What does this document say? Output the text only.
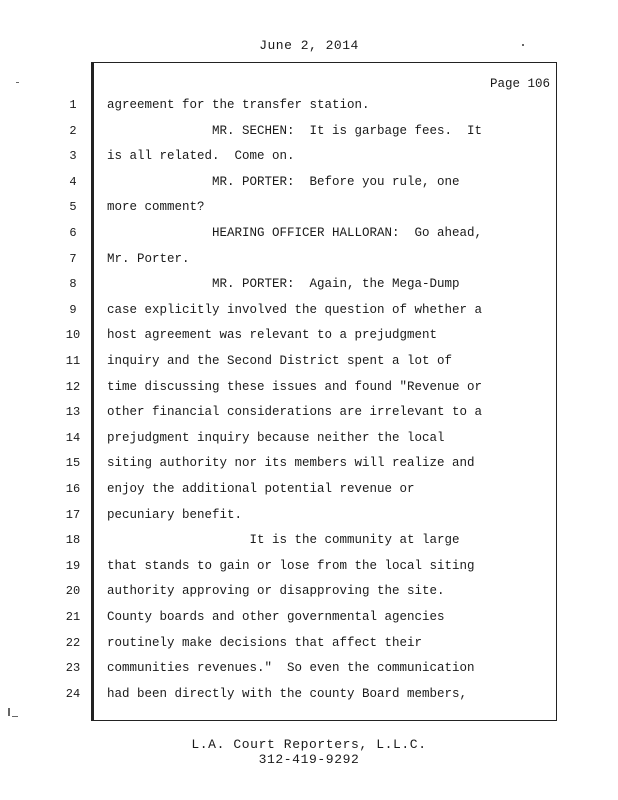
June 2, 2014
Page 106
1	agreement for the transfer station.
2	MR. SECHEN:  It is garbage fees.  It
3	is all related.  Come on.
4	MR. PORTER:  Before you rule, one
5	more comment?
6	HEARING OFFICER HALLORAN:  Go ahead,
7	Mr. Porter.
8	MR. PORTER:  Again, the Mega-Dump
9	case explicitly involved the question of whether a
10	host agreement was relevant to a prejudgment
11	inquiry and the Second District spent a lot of
12	time discussing these issues and found "Revenue or
13	other financial considerations are irrelevant to a
14	prejudgment inquiry because neither the local
15	siting authority nor its members will realize and
16	enjoy the additional potential revenue or
17	pecuniary benefit.
18	It is the community at large
19	that stands to gain or lose from the local siting
20	authority approving or disapproving the site.
21	County boards and other governmental agencies
22	routinely make decisions that affect their
23	communities revenues."  So even the communication
24	had been directly with the county Board members,
L.A. Court Reporters, L.L.C.
312-419-9292
